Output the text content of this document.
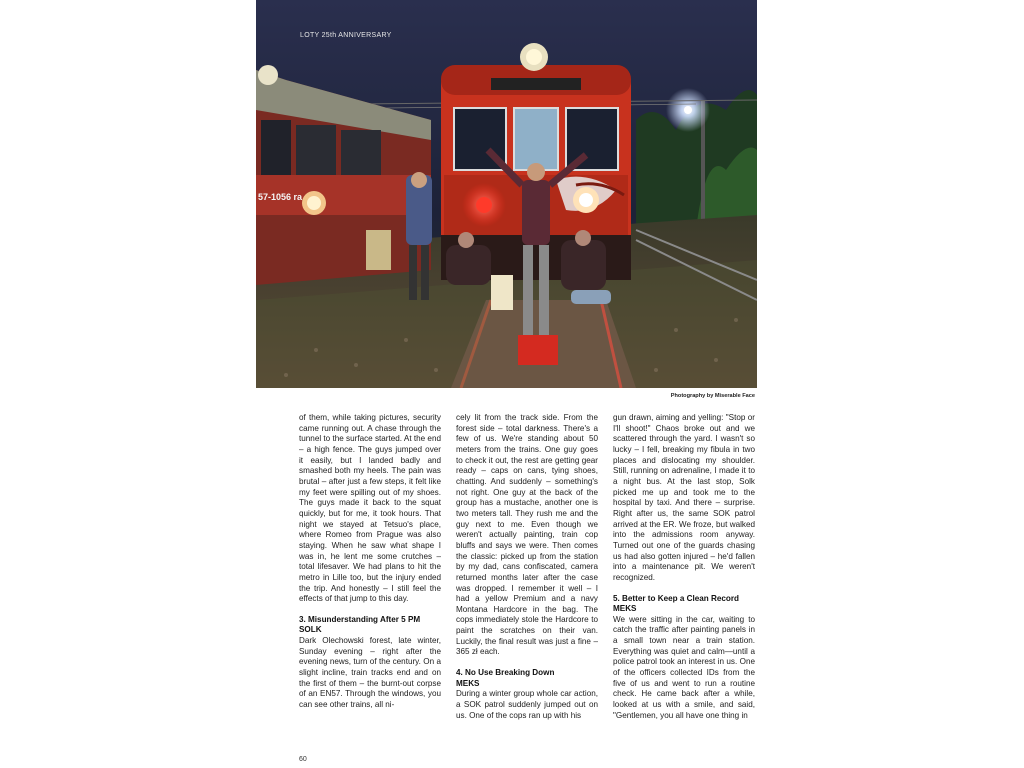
57-1056 ra
LOTY 25th ANNIVERSARY
Photography by Miserable Face

of them, while taking pictures, security came running out. A chase through the tunnel to the surface started. At the end – a high fence. The guys jumped over it easily, but I landed badly and smashed both my heels. The pain was brutal – after just a few steps, it felt like my feet were spilling out of my shoes. The guys made it back to the squat quickly, but for me, it took hours. That night we stayed at Tetsuo's place, where Romeo from Prague was also staying. When he saw what shape I was in, he lent me some crutches – total lifesaver. We had plans to hit the metro in Lille too, but the injury ended the trip. And honestly – I still feel the effects of that jump to this day.

3. Misunderstanding After 5 PM

SOLK

Dark Olechowski forest, late winter, Sunday evening – right after the evening news, turn of the century. On a slight incline, train tracks end and on the first of them – the burnt-out corpse of an EN57. Through the windows, you can see other trains, all ni-

cely lit from the track side. From the forest side – total darkness. There's a few of us. We're standing about 50 meters from the trains. One guy goes to check it out, the rest are getting gear ready – caps on cans, tying shoes, chatting. And suddenly – something's not right. One guy at the back of the group has a mustache, another one is two meters tall. They rush me and the guy next to me. Even though we weren't actually painting, train cop bluffs and says we were. Then comes the classic: picked up from the station by my dad, cans confiscated, camera returned months later after the case was dropped. I remember it well – I had a yellow Premium and a navy Montana Hardcore in the bag. The cops immediately stole the Hardcore to paint the scratches on their van. Luckily, the final result was just a fine – 365 zł each.

4. No Use Breaking Down

MEKS

During a winter group whole car action, a SOK patrol suddenly jumped out on us. One of the cops ran up with his

gun drawn, aiming and yelling: "Stop or I'll shoot!" Chaos broke out and we scattered through the yard. I wasn't so lucky – I fell, breaking my fibula in two places and dislocating my shoulder. Still, running on adrenaline, I made it to a night bus. At the last stop, Solk picked me up and took me to the hospital by taxi. And there – surprise. Right after us, the same SOK patrol arrived at the ER. We froze, but walked into the admissions room anyway. Turned out one of the guards chasing us had also gotten injured – he'd fallen into a maintenance pit. We weren't recognized.

5. Better to Keep a Clean Record

MEKS

We were sitting in the car, waiting to catch the traffic after painting panels in a small town near a train station. Everything was quiet and calm—until a police patrol took an interest in us. One of the officers collected IDs from the five of us and went to run a routine check. He came back after a while, looked at us with a smile, and said, "Gentlemen, you all have one thing in

60
